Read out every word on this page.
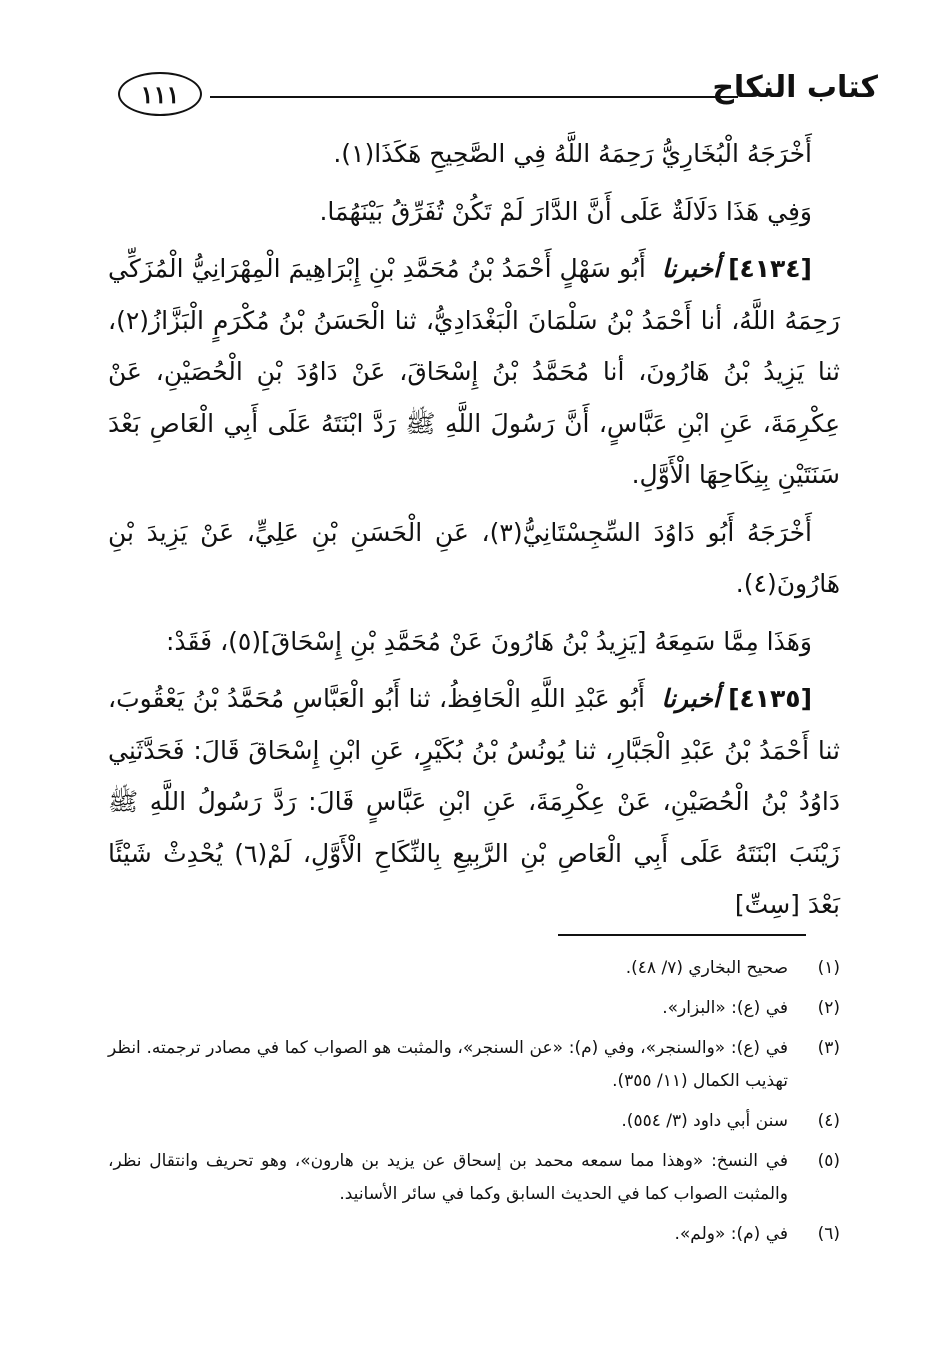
١١١	كتاب النكاح

أَخْرَجَهُ الْبُخَارِيُّ رَحِمَهُ اللَّهُ فِي الصَّحِيحِ هَكَذَا(١).

وَفِي هَذَا دَلَالَةٌ عَلَى أَنَّ الدَّارَ لَمْ تَكُنْ تُفَرِّقُ بَيْنَهُمَا.

[٤١٣٤] أخبرنا أَبُو سَهْلٍ أَحْمَدُ بْنُ مُحَمَّدِ بْنِ إِبْرَاهِيمَ الْمِهْرَانِيُّ الْمُزَكِّي رَحِمَهُ اللَّهُ، أنا أَحْمَدُ بْنُ سَلْمَانَ الْبَغْدَادِيُّ، ثنا الْحَسَنُ بْنُ مُكْرَمٍ الْبَزَّازُ(٢)، ثنا يَزِيدُ بْنُ هَارُونَ، أنا مُحَمَّدُ بْنُ إِسْحَاقَ، عَنْ دَاوُدَ بْنِ الْحُصَيْنِ، عَنْ عِكْرِمَةَ، عَنِ ابْنِ عَبَّاسٍ، أَنَّ رَسُولَ اللَّهِ ﷺ رَدَّ ابْنَتَهُ عَلَى أَبِي الْعَاصِ بَعْدَ سَنَتَيْنِ بِنِكَاحِهَا الْأَوَّلِ.

أَخْرَجَهُ أَبُو دَاوُدَ السِّجِسْتَانِيُّ(٣)، عَنِ الْحَسَنِ بْنِ عَلِيٍّ، عَنْ يَزِيدَ بْنِ هَارُونَ(٤).

وَهَذَا مِمَّا سَمِعَهُ [يَزِيدُ بْنُ هَارُونَ عَنْ مُحَمَّدِ بْنِ إِسْحَاقَ](٥)، فَقَدْ:

[٤١٣٥] أخبرنا أَبُو عَبْدِ اللَّهِ الْحَافِظُ، ثنا أَبُو الْعَبَّاسِ مُحَمَّدُ بْنُ يَعْقُوبَ، ثنا أَحْمَدُ بْنُ عَبْدِ الْجَبَّارِ، ثنا يُونُسُ بْنُ بُكَيْرٍ، عَنِ ابْنِ إِسْحَاقَ قَالَ: فَحَدَّثَنِي دَاوُدُ بْنُ الْحُصَيْنِ، عَنْ عِكْرِمَةَ، عَنِ ابْنِ عَبَّاسٍ قَالَ: رَدَّ رَسُولُ اللَّهِ ﷺ زَيْنَبَ ابْنَتَهُ عَلَى أَبِي الْعَاصِ بْنِ الرَّبِيعِ بِالنِّكَاحِ الْأَوَّلِ، لَمْ(٦) يُحْدِثْ شَيْئًا بَعْدَ [سِتِّ]

(١)
صحيح البخاري (٧/ ٤٨).
(٢)
في (ع): «البزار».
(٣)
في (ع): «والسنجر»، وفي (م): «عن السنجر»، والمثبت هو الصواب كما في مصادر ترجمته. انظر تهذيب الكمال (١١/ ٣٥٥).
(٤)
سنن أبي داود (٣/ ٥٥٤).
(٥)
في النسخ: «وهذا مما سمعه محمد بن إسحاق عن يزيد بن هارون»، وهو تحريف وانتقال نظر، والمثبت الصواب كما في الحديث السابق وكما في سائر الأسانيد.
(٦)
في (م): «ولم».
